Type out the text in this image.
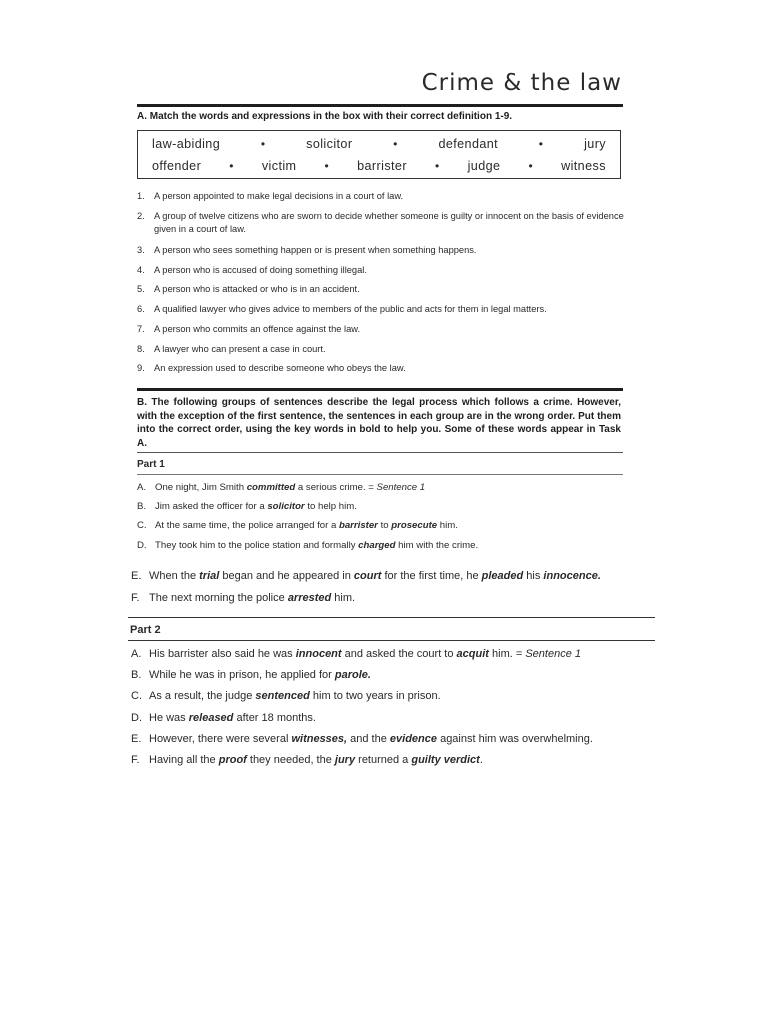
Crime & the law
A. Match the words and expressions in the box with their correct definition 1-9.
law-abiding	•	solicitor	•	defendant	•	jury
offender • victim • barrister • judge • witness
1. A person appointed to make legal decisions in a court of law.
2. A group of twelve citizens who are sworn to decide whether someone is guilty or innocent on the basis of evidence given in a court of law.
3. A person who sees something happen or is present when something happens.
4. A person who is accused of doing something illegal.
5. A person who is attacked or who is in an accident.
6. A qualified lawyer who gives advice to members of the public and acts for them in legal matters.
7. A person who commits an offence against the law.
8. A lawyer who can present a case in court.
9. An expression used to describe someone who obeys the law.
B. The following groups of sentences describe the legal process which follows a crime. However, with the exception of the first sentence, the sentences in each group are in the wrong order. Put them into the correct order, using the key words in bold to help you. Some of these words appear in Task A.
Part 1
A. One night, Jim Smith committed a serious crime. = Sentence 1
B. Jim asked the officer for a solicitor to help him.
C. At the same time, the police arranged for a barrister to prosecute him.
D. They took him to the police station and formally charged him with the crime.
E. When the trial began and he appeared in court for the first time, he pleaded his innocence.
F. The next morning the police arrested him.
Part 2
A. His barrister also said he was innocent and asked the court to acquit him. = Sentence 1
B. While he was in prison, he applied for parole.
C. As a result, the judge sentenced him to two years in prison.
D. He was released after 18 months.
E. However, there were several witnesses, and the evidence against him was overwhelming.
F. Having all the proof they needed, the jury returned a guilty verdict.
